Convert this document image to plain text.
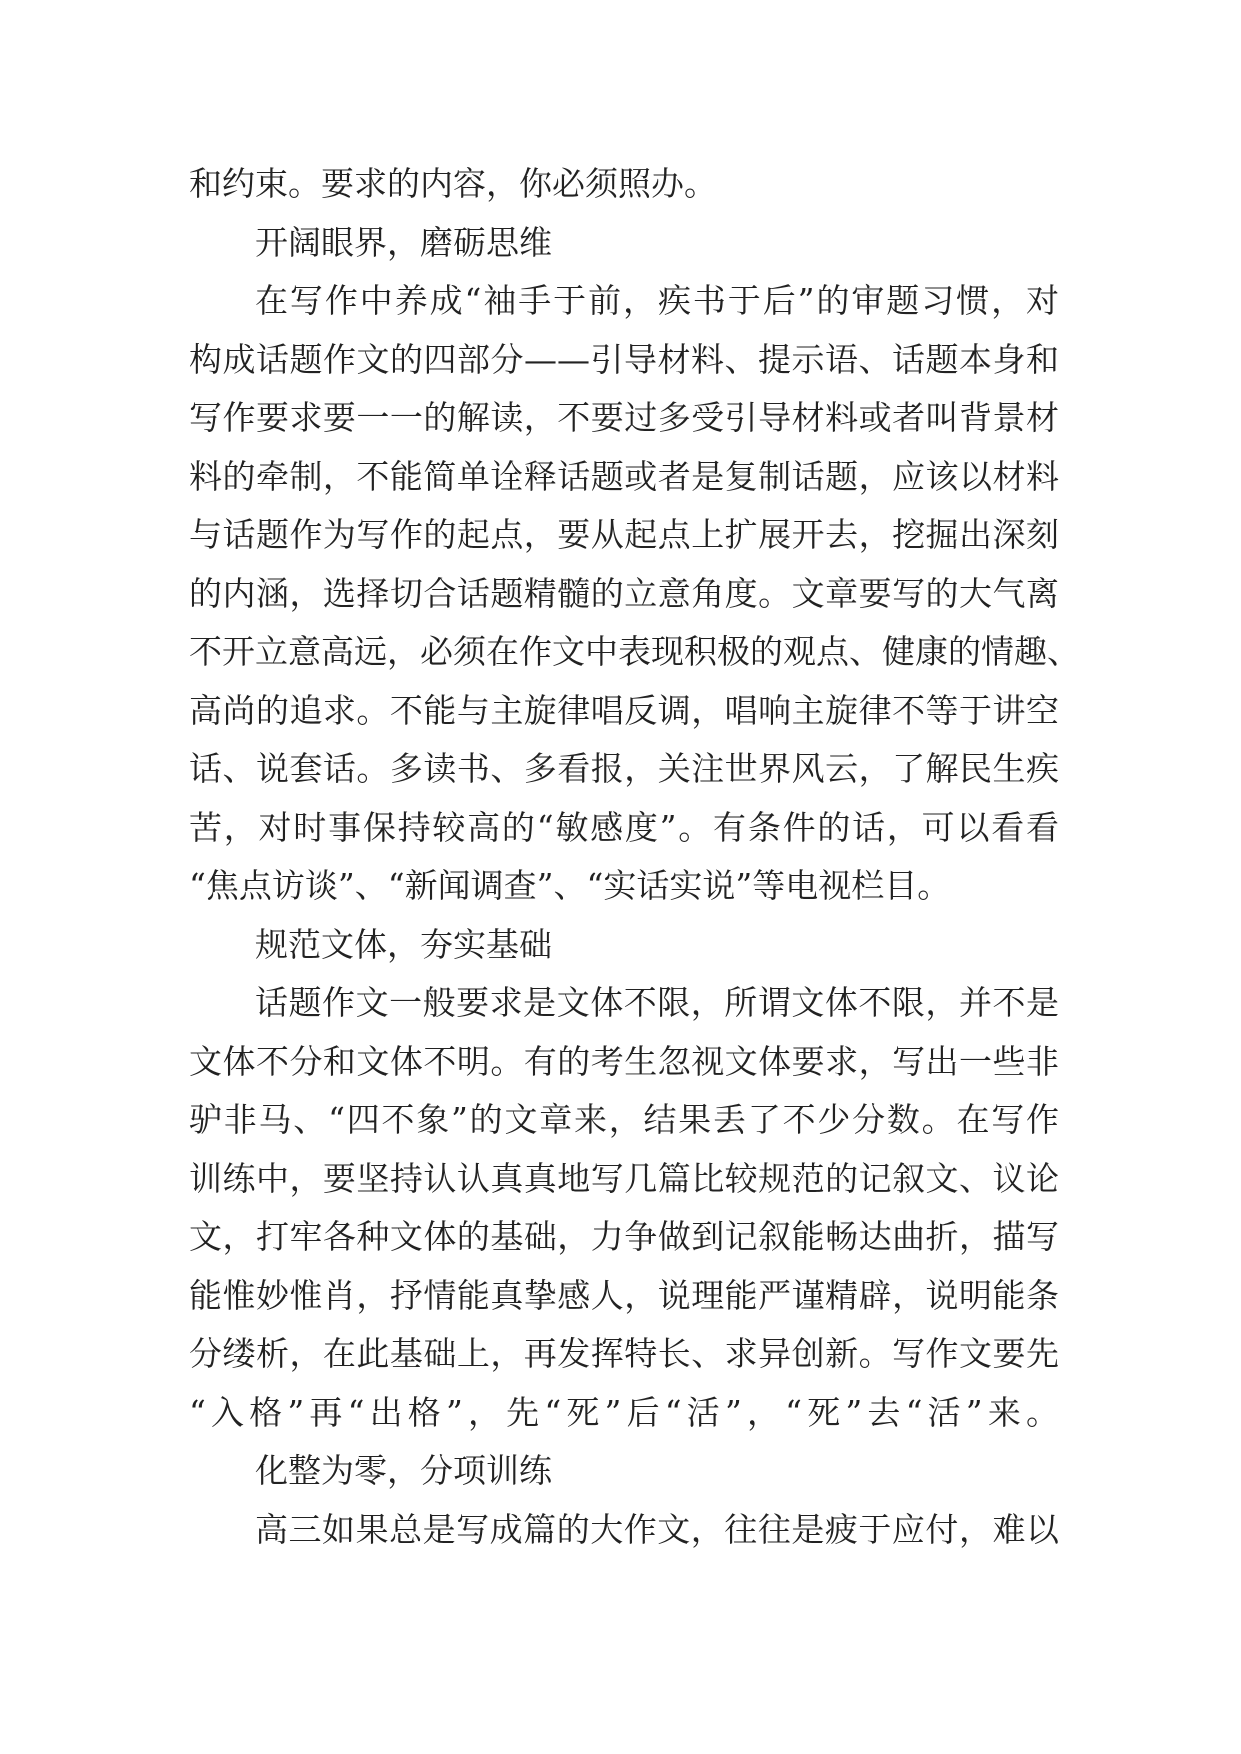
和约束。要求的内容，你必须照办。
开阔眼界，磨砺思维
在写作中养成“袖手于前，疾书于后”的审题习惯，对
构成话题作文的四部分——引导材料、提示语、话题本身和
写作要求要一一的解读，不要过多受引导材料或者叫背景材
料的牵制，不能简单诠释话题或者是复制话题，应该以材料
与话题作为写作的起点，要从起点上扩展开去，挖掘出深刻
的内涵，选择切合话题精髓的立意角度。文章要写的大气离
不开立意高远，必须在作文中表现积极的观点、健康的情趣、
高尚的追求。不能与主旋律唱反调，唱响主旋律不等于讲空
话、说套话。多读书、多看报，关注世界风云，了解民生疾
苦，对时事保持较高的“敏感度”。有条件的话，可以看看
“焦点访谈”、“新闻调查”、“实话实说”等电视栏目。
规范文体，夯实基础
话题作文一般要求是文体不限，所谓文体不限，并不是
文体不分和文体不明。有的考生忽视文体要求，写出一些非
驴非马、“四不象”的文章来，结果丢了不少分数。在写作
训练中，要坚持认认真真地写几篇比较规范的记叙文、议论
文，打牢各种文体的基础，力争做到记叙能畅达曲折，描写
能惟妙惟肖，抒情能真挚感人，说理能严谨精辟，说明能条
分缕析，在此基础上，再发挥特长、求异创新。写作文要先
“入格”再“出格”，先“死”后“活”，“死”去“活”来。
化整为零，分项训练
高三如果总是写成篇的大作文，往往是疲于应付，难以
